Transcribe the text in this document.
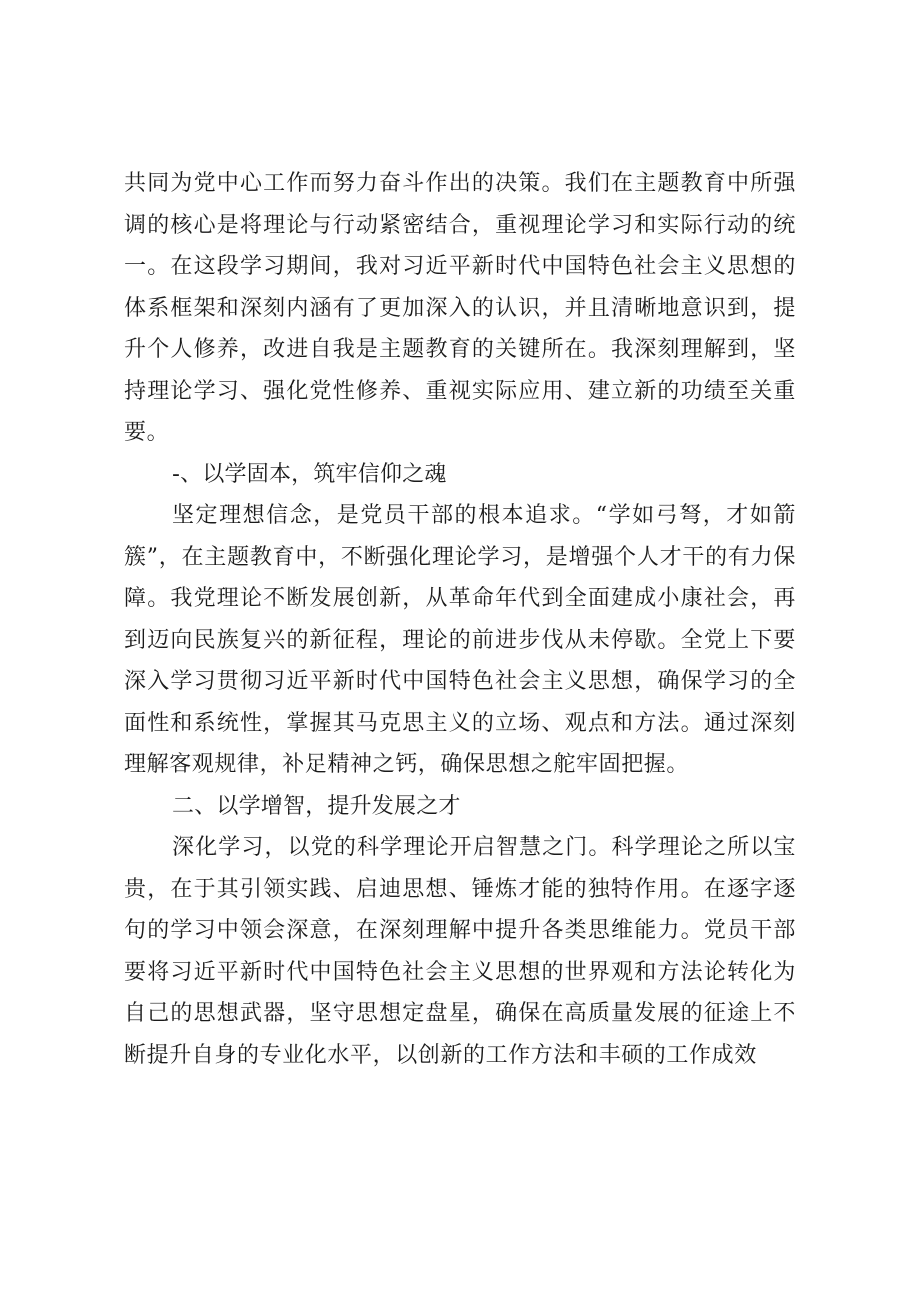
共同为党中心工作而努力奋斗作出的决策。我们在主题教育中所强调的核心是将理论与行动紧密结合，重视理论学习和实际行动的统一。在这段学习期间，我对习近平新时代中国特色社会主义思想的体系框架和深刻内涵有了更加深入的认识，并且清晰地意识到，提升个人修养，改进自我是主题教育的关键所在。我深刻理解到，坚持理论学习、强化党性修养、重视实际应用、建立新的功绩至关重要。

-、以学固本，筑牢信仰之魂

坚定理想信念，是党员干部的根本追求。“学如弓弩，才如箭簇”，在主题教育中，不断强化理论学习，是增强个人才干的有力保障。我党理论不断发展创新，从革命年代到全面建成小康社会，再到迈向民族复兴的新征程，理论的前进步伐从未停歇。全党上下要深入学习贯彻习近平新时代中国特色社会主义思想，确保学习的全面性和系统性，掌握其马克思主义的立场、观点和方法。通过深刻理解客观规律，补足精神之钙，确保思想之舵牢固把握。

二、以学增智，提升发展之才

深化学习，以党的科学理论开启智慧之门。科学理论之所以宝贵，在于其引领实践、启迪思想、锤炼才能的独特作用。在逐字逐句的学习中领会深意，在深刻理解中提升各类思维能力。党员干部要将习近平新时代中国特色社会主义思想的世界观和方法论转化为自己的思想武器，坚守思想定盘星，确保在高质量发展的征途上不断提升自身的专业化水平，以创新的工作方法和丰硕的工作成效
